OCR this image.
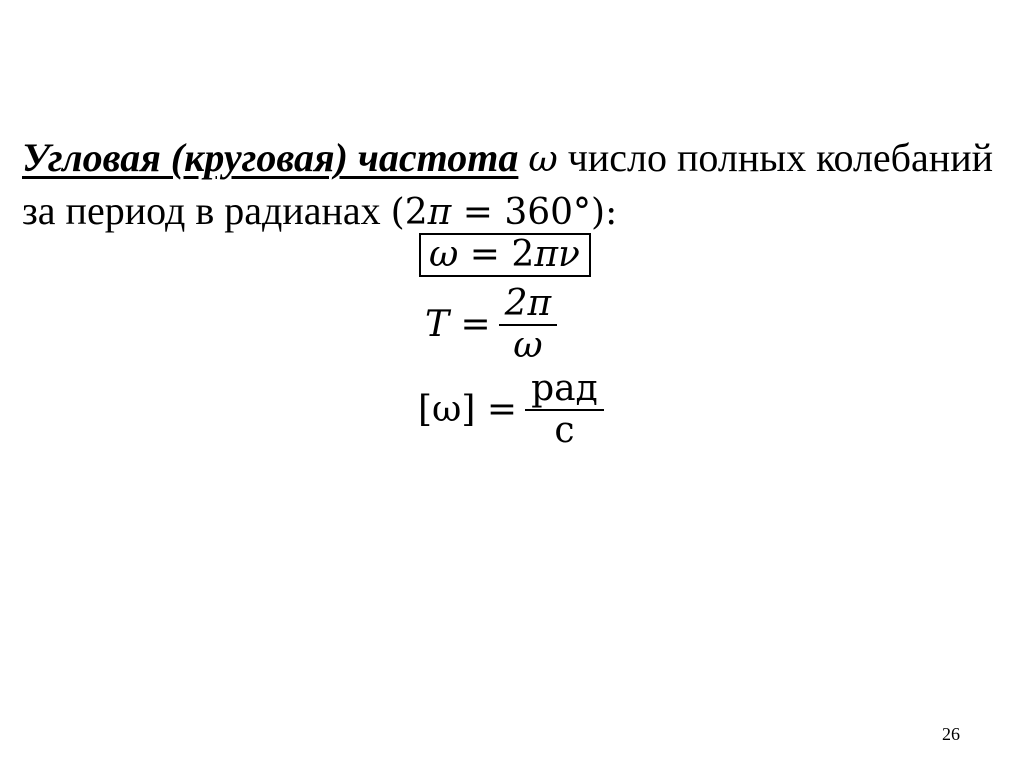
Угловая (круговая) частота ω число полных колебаний
за период в радианах (2π = 360°):
ω = 2πν
$T = \frac{2\pi}{\omega}$
$[\omega] = \frac{\text{рад}}{с}$
26
